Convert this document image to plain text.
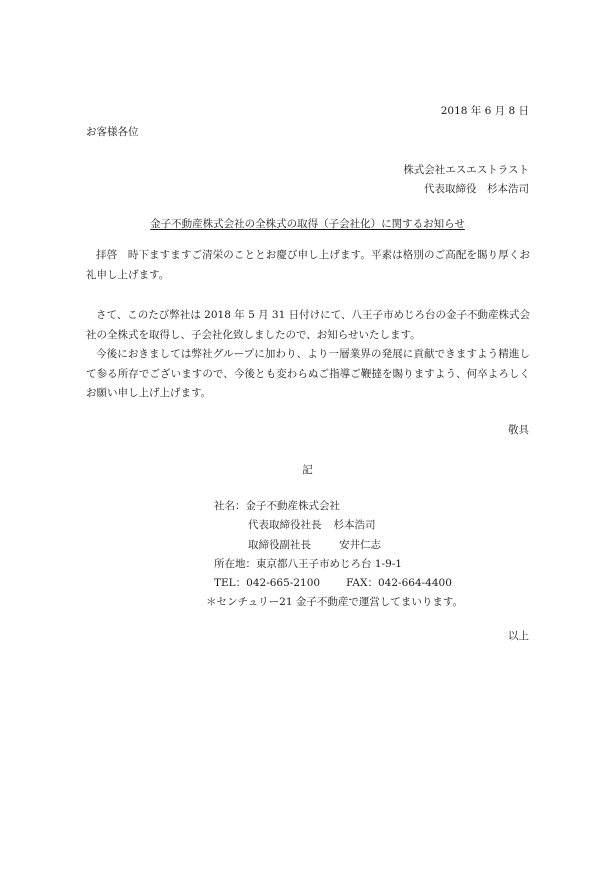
2018 年 6 月 8 日
お客様各位
株式会社エスエストラスト
代表取締役　杉本浩司
金子不動産株式会社の全株式の取得（子会社化）に関するお知らせ
拝啓　時下ますますご清栄のこととお慶び申し上げます。平素は格別のご高配を賜り厚くお礼申し上げます。
さて、このたび弊社は 2018 年 5 月 31 日付けにて、八王子市めじろ台の金子不動産株式会社の全株式を取得し、子会社化致しましたので、お知らせいたします。
今後におきましては弊社グループに加わり、より一層業界の発展に貢献できますよう精進して参る所存でございますので、今後とも変わらぬご指導ご鞭撻を賜りますよう、何卒よろしくお願い申し上げ上げます。
敬具
記
社名：金子不動産株式会社
代表取締役社長 杉本浩司
取締役副社長	安井仁志
所在地：東京都八王子市めじろ台 1-9-1
TEL：042-665-2100 FAX：042-664-4400
＊センチュリー21 金子不動産で運営してまいります。
以上
